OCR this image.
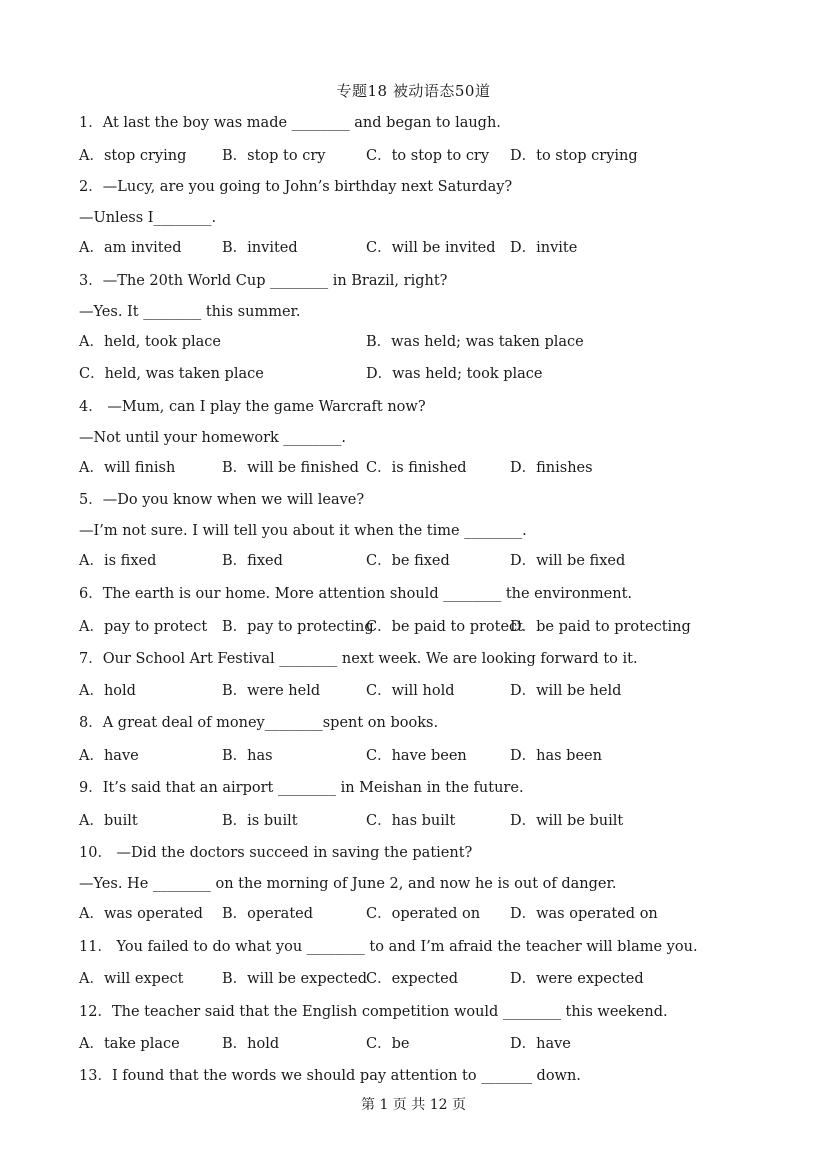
专题18 被动语态50道
1．At last the boy was made ________ and began to laugh.
A．stop crying B．stop to cry	C．to stop to cry D．to stop crying
2．—Lucy, are you going to John’s birthday next Saturday?
—Unless I________.
A．am invited	B．invited	C．will be invited D．invite
3．—The 20th World Cup ________ in Brazil, right?
—Yes. It ________ this summer.
A．held, took place	B．was held; was taken place
C．held, was taken place	D．was held; took place
4． —Mum, can I play the game Warcraft now?
—Not until your homework ________.
A．will finish	B．will be finished C．is finished	D．finishes
5．—Do you know when we will leave?
—I’m not sure. I will tell you about it when the time ________.
A．is fixed	B．fixed	C．be fixed	D．will be fixed
6．The earth is our home. More attention should ________ the environment.
A．pay to protect B．pay to protecting
C．be paid to protect
D．be paid to protecting
7．Our School Art Festival ________ next week. We are looking forward to it.
A．hold	B．were held	C．will hold	D．will be held
8．A great deal of money________spent on books.
A．have	B．has	C．have been	D．has been
9．It’s said that an airport ________ in Meishan in the future.
A．built	B．is built	C．has built	D．will be built
10． —Did the doctors succeed in saving the patient?
—Yes. He ________ on the morning of June 2, and now he is out of danger.
A．was operated B．operated	C．operated on D．was operated on
11． You failed to do what you ________ to and I’m afraid the teacher will blame you.
A．will expect	B．will be expected C．expected	D．were expected
12．The teacher said that the English competition would ________ this weekend.
A．take place	B．hold	C．be	D．have
13．I found that the words we should pay attention to _______ down.
第 1 页 共 12 页
